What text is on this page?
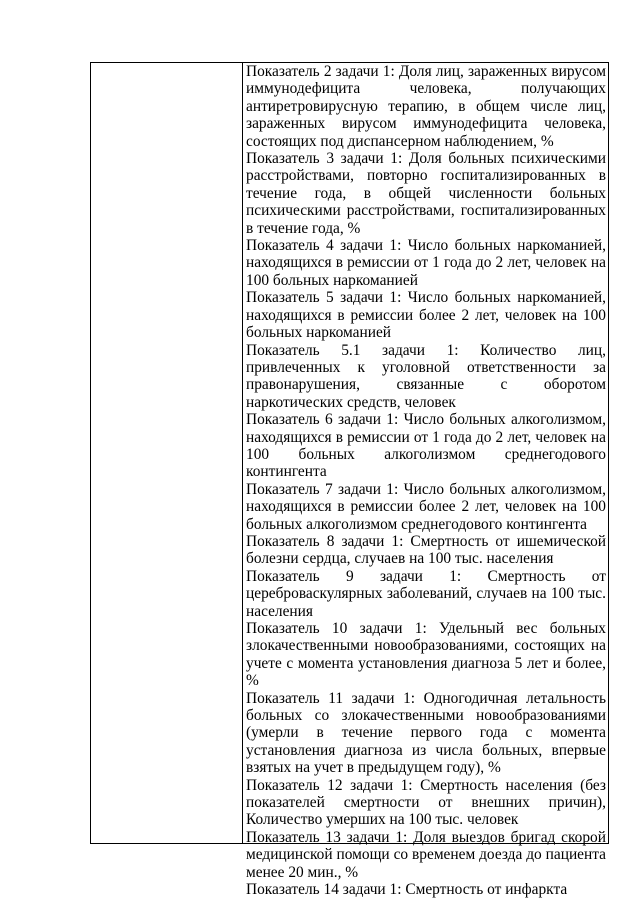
Показатель 2 задачи 1: Доля лиц, зараженных вирусом иммунодефицита человека, получающих антиретровирусную терапию, в общем числе лиц, зараженных вирусом иммунодефицита человека, состоящих под диспансерном наблюдением, %

Показатель 3 задачи 1: Доля больных психическими расстройствами, повторно госпитализированных в течение года, в общей численности больных психическими расстройствами, госпитализированных в течение года, %

Показатель 4 задачи 1: Число больных наркоманией, находящихся в ремиссии от 1 года до 2 лет, человек на 100 больных наркоманией

Показатель 5 задачи 1: Число больных наркоманией, находящихся в ремиссии более 2 лет, человек на 100 больных наркоманией

Показатель 5.1 задачи 1: Количество лиц, привлеченных к уголовной ответственности за правонарушения, связанные с оборотом наркотических средств, человек

Показатель 6 задачи 1: Число больных алкоголизмом, находящихся в ремиссии от 1 года до 2 лет, человек на 100 больных алкоголизмом среднегодового контингента

Показатель 7 задачи 1: Число больных алкоголизмом, находящихся в ремиссии более 2 лет, человек на 100 больных алкоголизмом среднегодового контингента

Показатель 8 задачи 1: Смертность от ишемической болезни сердца, случаев на 100 тыс. населения

Показатель 9 задачи 1: Смертность от цереброваскулярных заболеваний, случаев на 100 тыс. населения

Показатель 10 задачи 1: Удельный вес больных злокачественными новообразованиями, состоящих на учете с момента установления диагноза 5 лет и более, %

Показатель 11 задачи 1: Одногодичная летальность больных со злокачественными новообразованиями (умерли в течение первого года с момента установления диагноза из числа больных, впервые взятых на учет в предыдущем году), %

Показатель 12 задачи 1: Смертность населения (без показателей смертности от внешних причин), Количество умерших на 100 тыс. человек

Показатель 13 задачи 1: Доля выездов бригад скорой медицинской помощи со временем доезда до пациента менее 20 мин., %

Показатель 14 задачи 1: Смертность от инфаркта
